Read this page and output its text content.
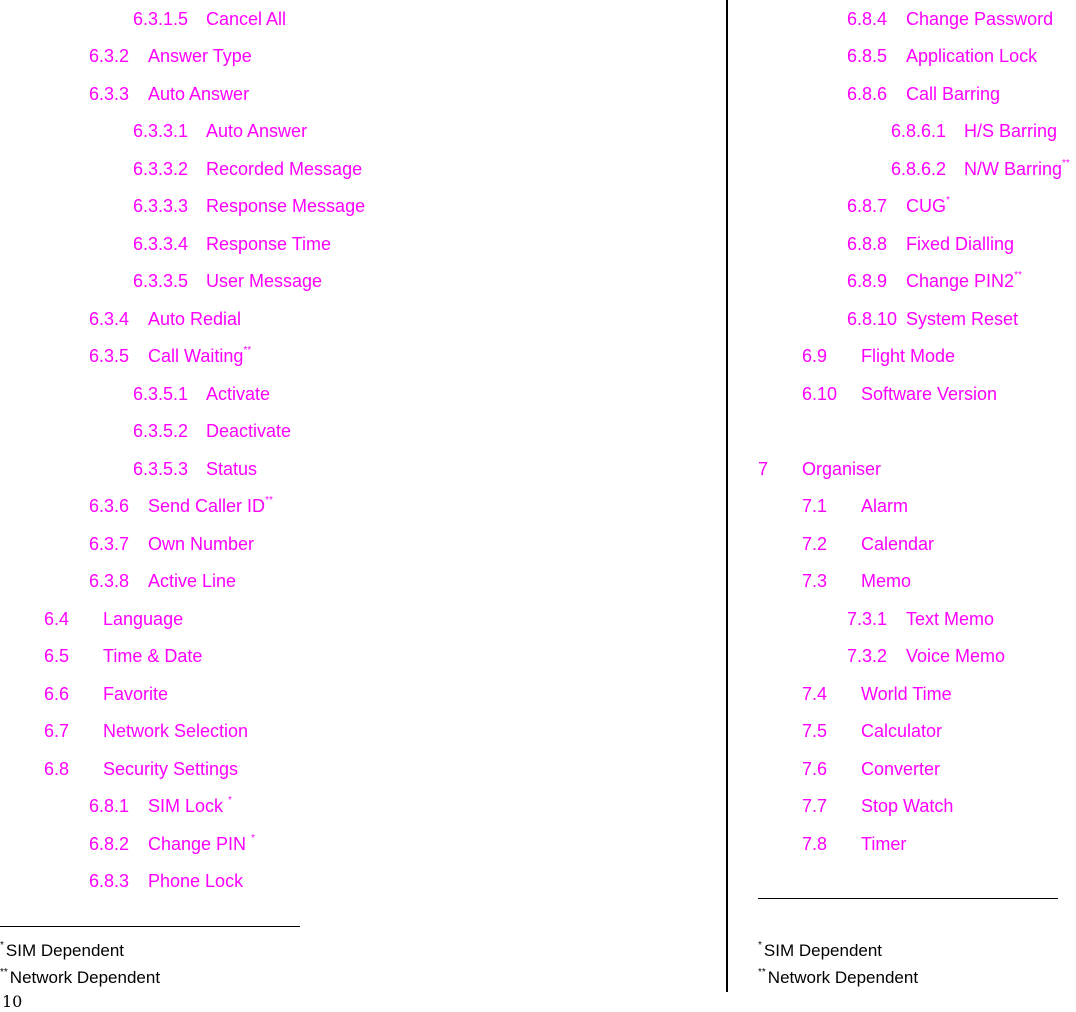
6.3.1.5 Cancel All
6.3.2 Answer Type
6.3.3 Auto Answer
6.3.3.1 Auto Answer
6.3.3.2 Recorded Message
6.3.3.3 Response Message
6.3.3.4 Response Time
6.3.3.5 User Message
6.3.4 Auto Redial
6.3.5 Call Waiting**
6.3.5.1 Activate
6.3.5.2 Deactivate
6.3.5.3 Status
6.3.6 Send Caller ID**
6.3.7 Own Number
6.3.8 Active Line
6.4 Language
6.5 Time & Date
6.6 Favorite
6.7 Network Selection
6.8 Security Settings
6.8.1 SIM Lock *
6.8.2 Change PIN *
6.8.3 Phone Lock
6.8.4 Change Password
6.8.5 Application Lock
6.8.6 Call Barring
6.8.6.1 H/S Barring
6.8.6.2 N/W Barring**
6.8.7 CUG*
6.8.8 Fixed Dialling
6.8.9 Change PIN2**
6.8.10 System Reset
6.9 Flight Mode
6.10 Software Version
7 Organiser
7.1 Alarm
7.2 Calendar
7.3 Memo
7.3.1 Text Memo
7.3.2 Voice Memo
7.4 World Time
7.5 Calculator
7.6 Converter
7.7 Stop Watch
7.8 Timer
* SIM Dependent
** Network Dependent
* SIM Dependent
** Network Dependent
10
